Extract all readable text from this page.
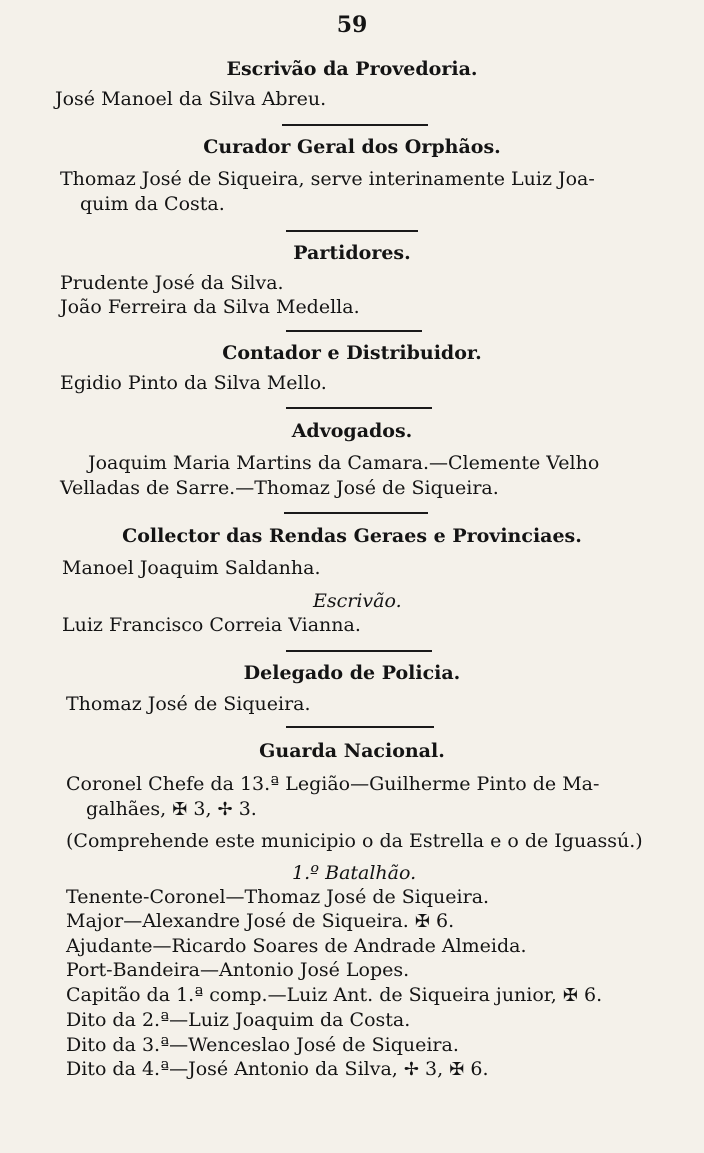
59
Escrivão da Provedoria.
José Manoel da Silva Abreu.
Curador Geral dos Orphãos.
Thomaz José de Siqueira, serve interinamente Luiz Joa-
quim da Costa.
Partidores.
Prudente José da Silva.
João Ferreira da Silva Medella.
Contador e Distribuidor.
Egidio Pinto da Silva Mello.
Advogados.
Joaquim Maria Martins da Camara.—Clemente Velho
Velladas de Sarre.—Thomaz José de Siqueira.
Collector das Rendas Geraes e Provinciaes.
Manoel Joaquim Saldanha.
Escrivão.
Luiz Francisco Correia Vianna.
Delegado de Policia.
Thomaz José de Siqueira.
Guarda Nacional.
Coronel Chefe da 13.ª Legião—Guilherme Pinto de Ma-
galhães, ✠ 3, ✢ 3.
(Comprehende este municipio o da Estrella e o de Iguassú.)
1.º Batalhão.
Tenente-Coronel—Thomaz José de Siqueira.
Major—Alexandre José de Siqueira. ✠ 6.
Ajudante—Ricardo Soares de Andrade Almeida.
Port-Bandeira—Antonio José Lopes.
Capitão da 1.ª comp.—Luiz Ant. de Siqueira junior, ✠ 6.
Dito da 2.ª—Luiz Joaquim da Costa.
Dito da 3.ª—Wenceslao José de Siqueira.
Dito da 4.ª—José Antonio da Silva, ✢ 3, ✠ 6.
